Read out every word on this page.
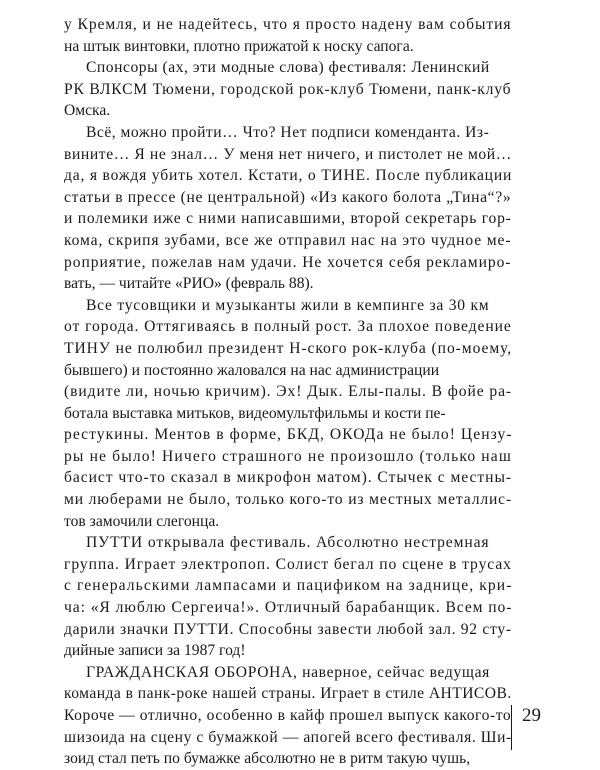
у Кремля, и не надейтесь, что я просто надену вам события
на штык винтовки, плотно прижатой к носку сапога.

Спонсоры (ах, эти модные слова) фестиваля: Ленинский
РК ВЛКСМ Тюмени, городской рок-клуб Тюмени, панк-клуб
Омска.

Всё, можно пройти… Что? Нет подписи коменданта. Из-
вините… Я не знал… У меня нет ничего, и пистолет не мой…
да, я вождя убить хотел. Кстати, о ТИНЕ. После публикации
статьи в прессе (не центральной) «Из какого болота „Тина“?»
и полемики иже с ними написавшими, второй секретарь гор-
кома, скрипя зубами, все же отправил нас на это чудное ме-
роприятие, пожелав нам удачи. Не хочется себя рекламиро-
вать, — читайте «РИО» (февраль 88).

Все тусовщики и музыканты жили в кемпинге за 30 км
от города. Оттягиваясь в полный рост. За плохое поведение
ТИНУ не полюбил президент Н-ского рок-клуба (по-моему,
бывшего) и постоянно жаловался на нас администрации
(видите ли, ночью кричим). Эх! Дык. Елы-палы. В фойе ра-
ботала выставка митьков, видеомультфильмы и кости пе-
рестукины. Ментов в форме, БКД, ОКОДа не было! Цензу-
ры не было! Ничего страшного не произошло (только наш
басист что-то сказал в микрофон матом). Стычек с местны-
ми люберами не было, только кого-то из местных металлис-
тов замочили слегонца.

ПУТТИ открывала фестиваль. Абсолютно нестремная
группа. Играет электропоп. Солист бегал по сцене в трусах
с генеральскими лампасами и пацификом на заднице, кри-
ча: «Я люблю Сергеича!». Отличный барабанщик. Всем по-
дарили значки ПУТТИ. Способны завести любой зал. 92 сту-
дийные записи за 1987 год!

ГРАЖДАНСКАЯ ОБОРОНА, наверное, сейчас ведущая
команда в панк-роке нашей страны. Играет в стиле АНТИСОВ.
Короче — отлично, особенно в кайф прошел выпуск какого-то
шизоида на сцену с бумажкой — апогей всего фестиваля. Ши-
зоид стал петь по бумажке абсолютно не в ритм такую чушь,

29
